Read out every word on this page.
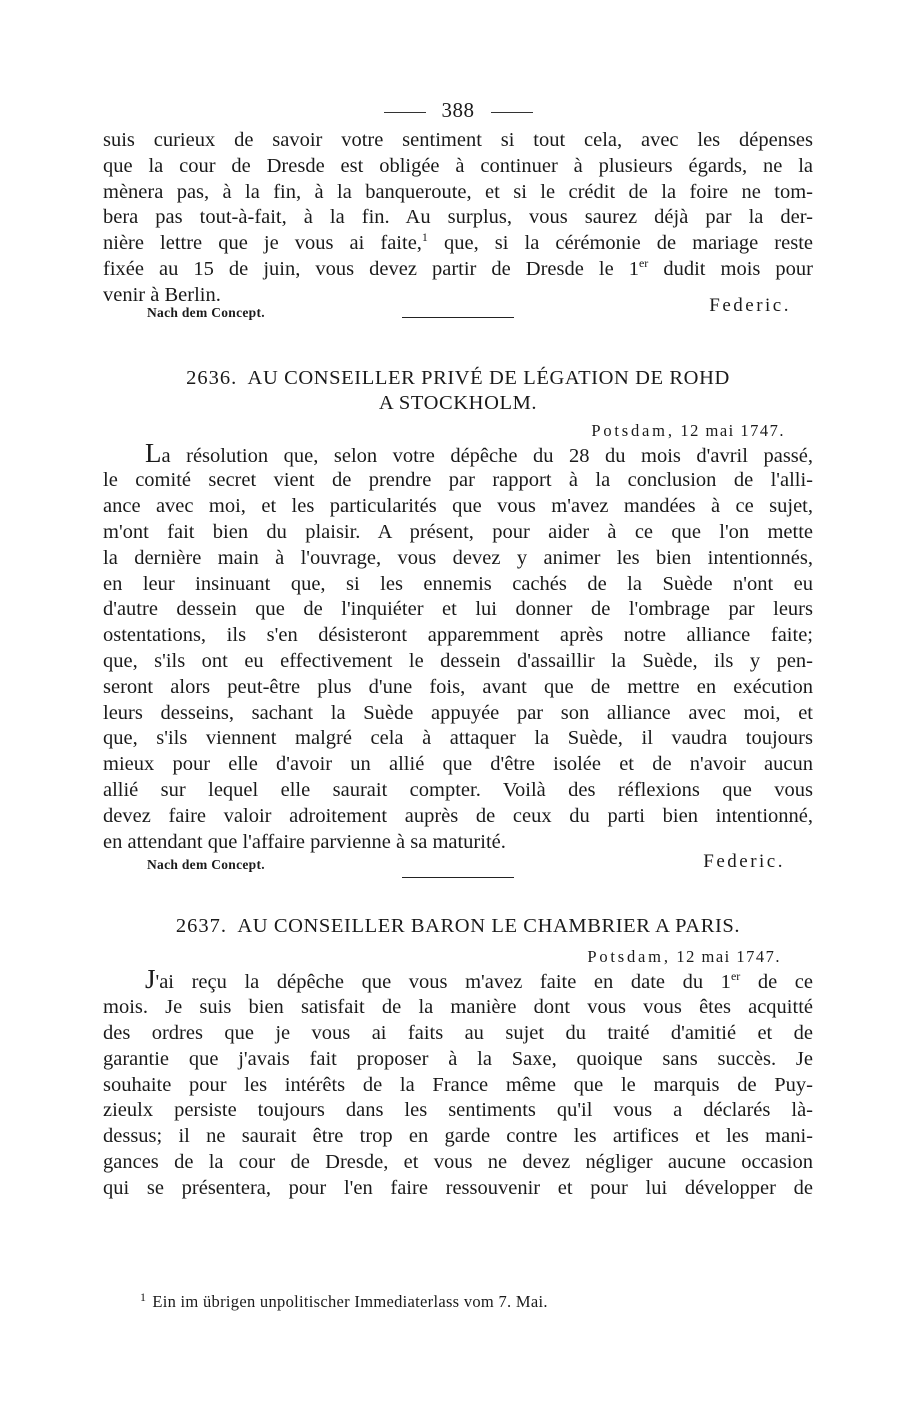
388
suis curieux de savoir votre sentiment si tout cela, avec les dépenses
que la cour de Dresde est obligée à continuer à plusieurs égards, ne la
mènera pas, à la fin, à la banqueroute, et si le crédit de la foire ne tom-
bera pas tout-à-fait, à la fin. Au surplus, vous saurez déjà par la der-
nière lettre que je vous ai faite,$^1$ que, si la cérémonie de mariage reste
fixée au 15 de juin, vous devez partir de Dresde le 1er dudit mois pour
venir à Berlin.	Federic.
Nach dem Concept.
2636. AU CONSEILLER PRIVÉ DE LÉGATION DE ROHD
A STOCKHOLM.
Potsdam, 12 mai 1747.
La résolution que, selon votre dépêche du 28 du mois d'avril passé,
le comité secret vient de prendre par rapport à la conclusion de l'alli-
ance avec moi, et les particularités que vous m'avez mandées à ce sujet,
m'ont fait bien du plaisir. A présent, pour aider à ce que l'on mette
la dernière main à l'ouvrage, vous devez y animer les bien intentionnés,
en leur insinuant que, si les ennemis cachés de la Suède n'ont eu
d'autre dessein que de l'inquiéter et lui donner de l'ombrage par leurs
ostentations, ils s'en désisteront apparemment après notre alliance faite;
que, s'ils ont eu effectivement le dessein d'assaillir la Suède, ils y pen-
seront alors peut-être plus d'une fois, avant que de mettre en exécution
leurs desseins, sachant la Suède appuyée par son alliance avec moi, et
que, s'ils viennent malgré cela à attaquer la Suède, il vaudra toujours
mieux pour elle d'avoir un allié que d'être isolée et de n'avoir aucun
allié sur lequel elle saurait compter. Voilà des réflexions que vous
devez faire valoir adroitement auprès de ceux du parti bien intentionné,
en attendant que l'affaire parvienne à sa maturité.
Federic.
Nach dem Concept.
2637. AU CONSEILLER BARON LE CHAMBRIER A PARIS.
Potsdam, 12 mai 1747.
J'ai reçu la dépêche que vous m'avez faite en date du 1er de ce
mois. Je suis bien satisfait de la manière dont vous vous êtes acquitté
des ordres que je vous ai faits au sujet du traité d'amitié et de
garantie que j'avais fait proposer à la Saxe, quoique sans succès. Je
souhaite pour les intérêts de la France même que le marquis de Puy-
zieulx persiste toujours dans les sentiments qu'il vous a déclarés là-
dessus; il ne saurait être trop en garde contre les artifices et les mani-
gances de la cour de Dresde, et vous ne devez négliger aucune occasion
qui se présentera, pour l'en faire ressouvenir et pour lui développer de
$^1$ Ein im übrigen unpolitischer Immediaterlass vom 7. Mai.
